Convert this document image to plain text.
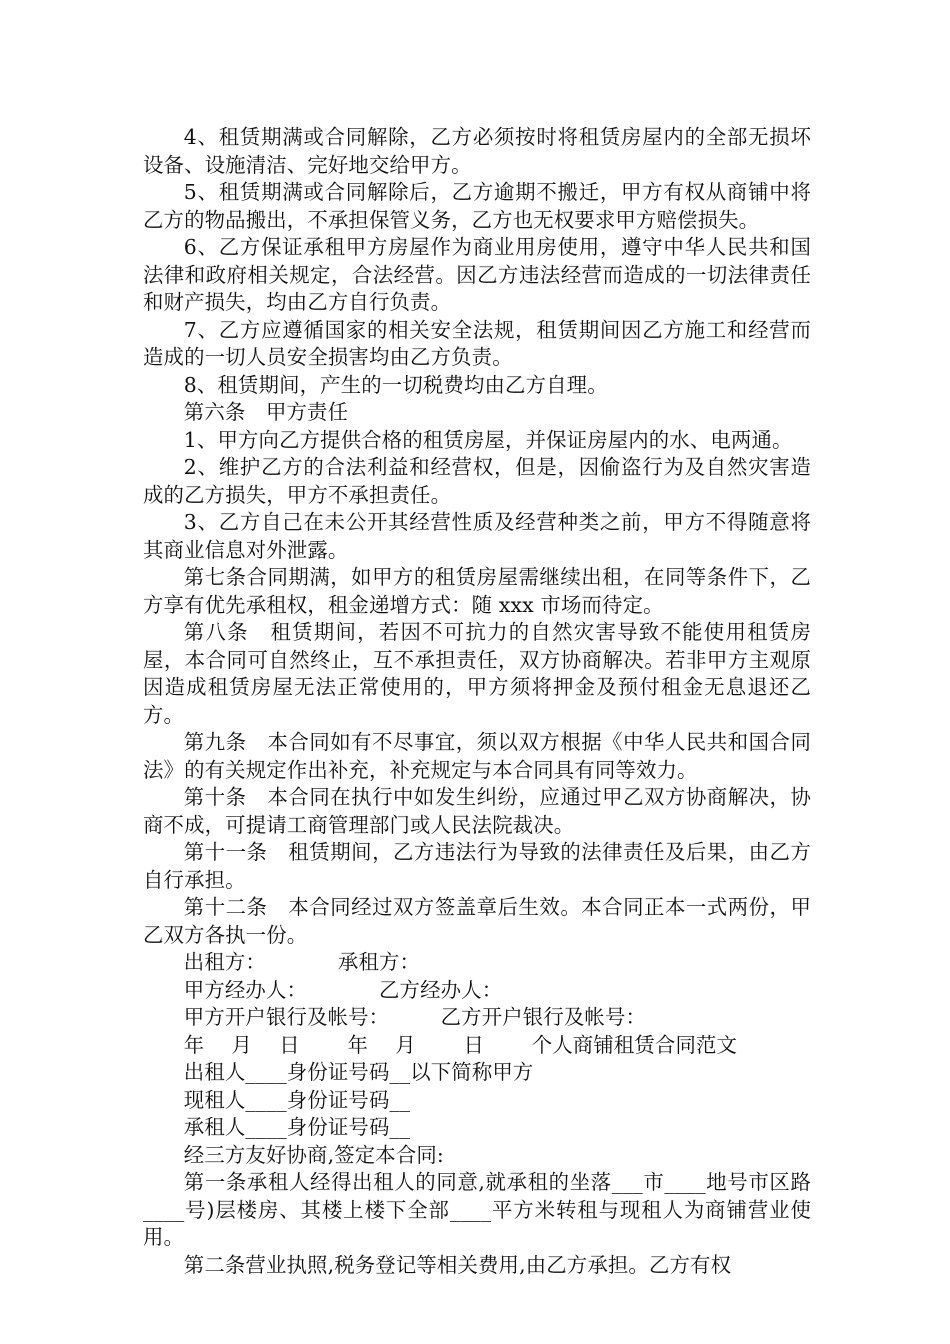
4、租赁期满或合同解除，乙方必须按时将租赁房屋内的全部无损坏设备、设施清洁、完好地交给甲方。

5、租赁期满或合同解除后，乙方逾期不搬迁，甲方有权从商铺中将乙方的物品搬出，不承担保管义务，乙方也无权要求甲方赔偿损失。

6、乙方保证承租甲方房屋作为商业用房使用，遵守中华人民共和国法律和政府相关规定，合法经营。因乙方违法经营而造成的一切法律责任和财产损失，均由乙方自行负责。

7、乙方应遵循国家的相关安全法规，租赁期间因乙方施工和经营而造成的一切人员安全损害均由乙方负责。

8、租赁期间，产生的一切税费均由乙方自理。

第六条　甲方责任

1、甲方向乙方提供合格的租赁房屋，并保证房屋内的水、电两通。

2、维护乙方的合法利益和经营权，但是，因偷盗行为及自然灾害造成的乙方损失，甲方不承担责任。

3、乙方自己在未公开其经营性质及经营种类之前，甲方不得随意将其商业信息对外泄露。

第七条合同期满，如甲方的租赁房屋需继续出租，在同等条件下，乙方享有优先承租权，租金递增方式：随 xxx 市场而待定。

第八条　租赁期间，若因不可抗力的自然灾害导致不能使用租赁房屋，本合同可自然终止，互不承担责任，双方协商解决。若非甲方主观原因造成租赁房屋无法正常使用的，甲方须将押金及预付租金无息退还乙方。

第九条　本合同如有不尽事宜，须以双方根据《中华人民共和国合同法》的有关规定作出补充，补充规定与本合同具有同等效力。

第十条　本合同在执行中如发生纠纷，应通过甲乙双方协商解决，协商不成，可提请工商管理部门或人民法院裁决。

第十一条　租赁期间，乙方违法行为导致的法律责任及后果，由乙方自行承担。

第十二条　本合同经过双方签盖章后生效。本合同正本一式两份，甲乙双方各执一份。

出租方：　　　　承租方：

甲方经办人：　　　　乙方经办人：

甲方开户银行及帐号：　　　乙方开户银行及帐号：

年　 月　 日　　 年　 月　　 日　　 个人商铺租赁合同范文

出租人____身份证号码__以下简称甲方

现租人____身份证号码__

承租人____身份证号码__

经三方友好协商,签定本合同:

第一条承租人经得出租人的同意,就承租的坐落___市____地号市区路____号)层楼房、其楼上楼下全部____平方米转租与现租人为商铺营业使用。

第二条营业执照,税务登记等相关费用,由乙方承担。乙方有权
